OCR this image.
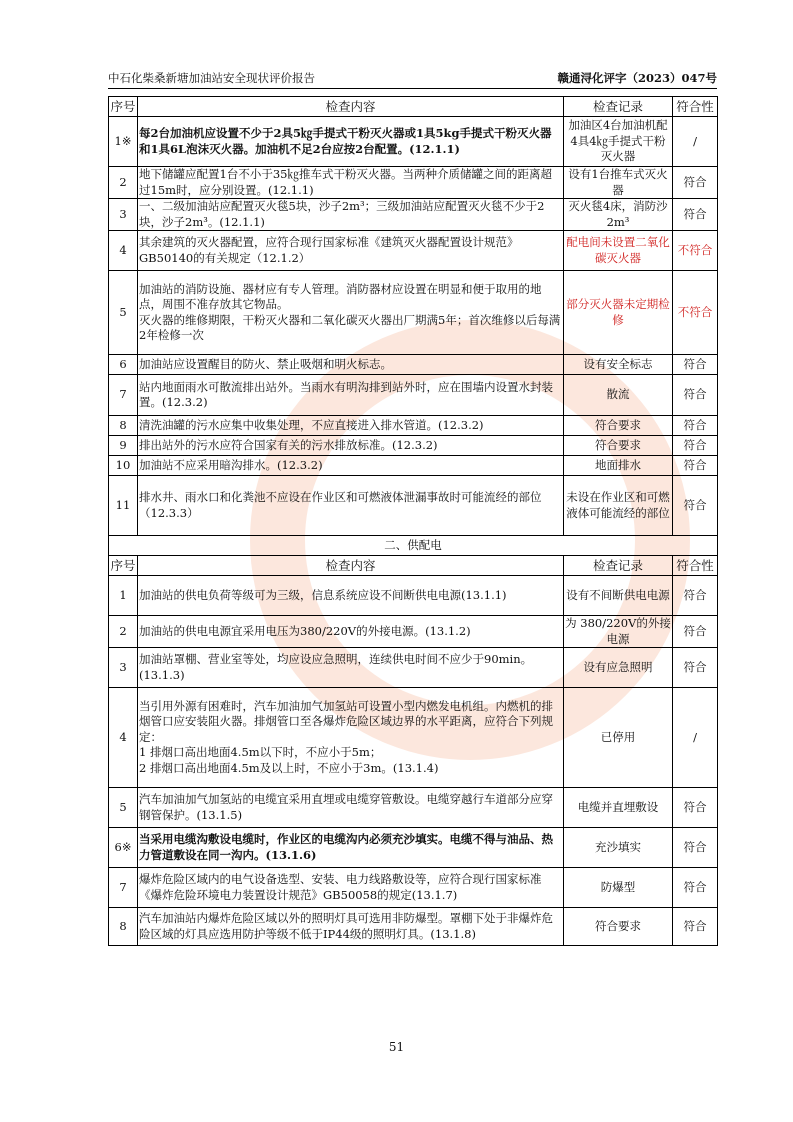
中石化柴桑新塘加油站安全现状评价报告	赣通浔化评字（2023）047号
序号	检查内容	检查记录	符合性
1※	每2台加油机应设置不少于2具5㎏手提式干粉灭火器或1具5kg手提式干粉灭火器和1具6L泡沫灭火器。加油机不足2台应按2台配置。(12.1.1)	加油区4台加油机配4具4㎏手提式干粉灭火器	/
2	地下储罐应配置1台不小于35㎏推车式干粉灭火器。当两种介质储罐之间的距离超过15m时，应分别设置。(12.1.1)	设有1台推车式灭火器	符合
3	一、二级加油站应配置灭火毯5块，沙子2m³；三级加油站应配置灭火毯不少于2块，沙子2m³。(12.1.1)	灭火毯4床，消防沙 2m³	符合
4	其余建筑的灭火器配置，应符合现行国家标准《建筑灭火器配置设计规范》GB50140的有关规定（12.1.2）	配电间未设置二氧化碳灭火器	不符合
5	加油站的消防设施、器材应有专人管理。消防器材应设置在明显和便于取用的地点，周围不准存放其它物品。
灭火器的维修期限，干粉灭火器和二氧化碳灭火器出厂期满5年；首次维修以后每满2年检修一次	部分灭火器未定期检修	不符合
6	加油站应设置醒目的防火、禁止吸烟和明火标志。	设有安全标志	符合
7	站内地面雨水可散流排出站外。当雨水有明沟排到站外时，应在围墙内设置水封装置。(12.3.2)	散流	符合
8	清洗油罐的污水应集中收集处理，不应直接进入排水管道。(12.3.2)	符合要求	符合
9	排出站外的污水应符合国家有关的污水排放标准。(12.3.2)	符合要求	符合
10	加油站不应采用暗沟排水。(12.3.2)	地面排水	符合
11	排水井、雨水口和化粪池不应设在作业区和可燃液体泄漏事故时可能流经的部位（12.3.3）	未设在作业区和可燃液体可能流经的部位	符合
二、供配电			
序号	检查内容	检查记录	符合性
1	加油站的供电负荷等级可为三级，信息系统应设不间断供电电源(13.1.1)	设有不间断供电电源	符合
2	加油站的供电电源宜采用电压为380/220V的外接电源。(13.1.2)	为 380/220V的外接电源	符合
3	加油站罩棚、营业室等处，均应设应急照明，连续供电时间不应少于90min。(13.1.3)	设有应急照明	符合
4	当引用外源有困难时，汽车加油加气加氢站可设置小型内燃发电机组。内燃机的排烟管口应安装阻火器。排烟管口至各爆炸危险区域边界的水平距离，应符合下列规定：
1 排烟口高出地面4.5m以下时，不应小于5m；
2 排烟口高出地面4.5m及以上时，不应小于3m。(13.1.4)	已停用	/
5	汽车加油加气加氢站的电缆宜采用直埋或电缆穿管敷设。电缆穿越行车道部分应穿钢管保护。(13.1.5)	电缆并直埋敷设	符合
6※	当采用电缆沟敷设电缆时，作业区的电缆沟内必须充沙填实。电缆不得与油品、热力管道敷设在同一沟内。(13.1.6)	充沙填实	符合
7	爆炸危险区域内的电气设备选型、安装、电力线路敷设等，应符合现行国家标准《爆炸危险环境电力装置设计规范》GB50058的规定(13.1.7)	防爆型	符合
8	汽车加油站内爆炸危险区域以外的照明灯具可选用非防爆型。罩棚下处于非爆炸危险区域的灯具应选用防护等级不低于IP44级的照明灯具。(13.1.8)	符合要求	符合
51
